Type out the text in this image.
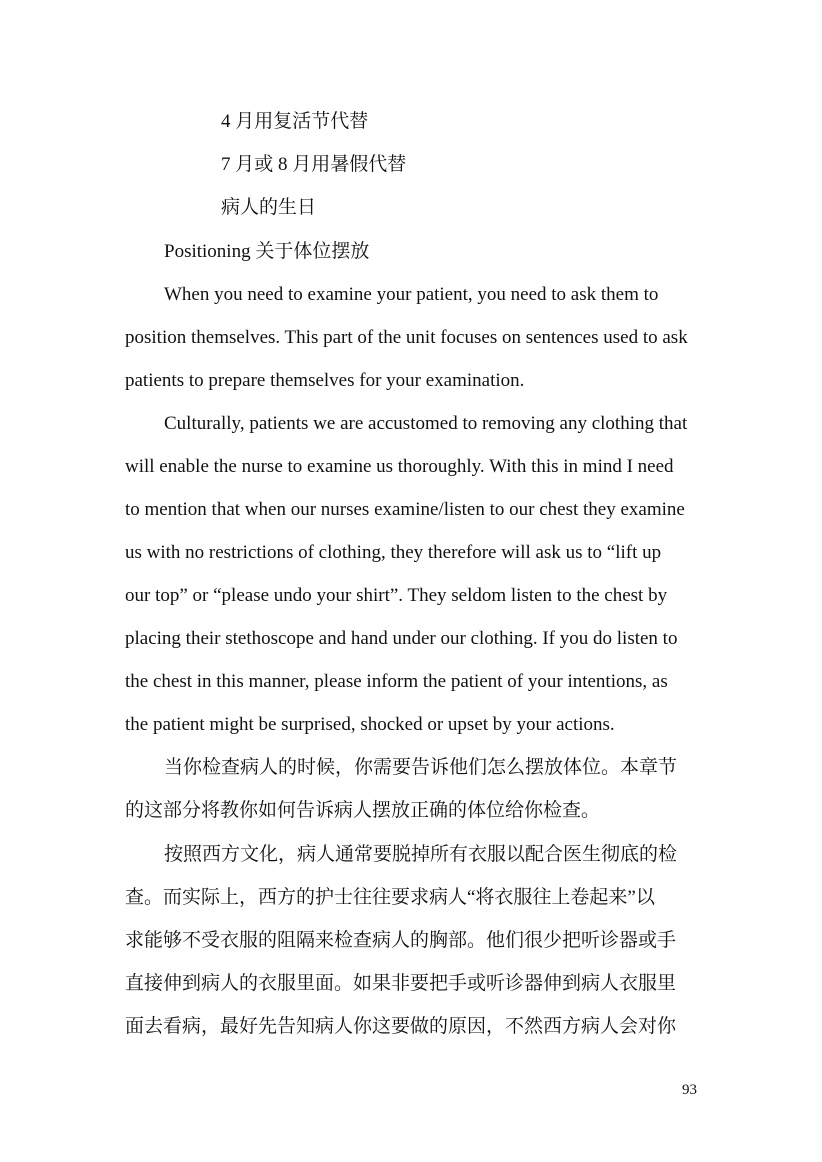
4 月用复活节代替
7 月或 8 月用暑假代替
病人的生日
Positioning 关于体位摆放
When you need to examine your patient, you need to ask them to
position themselves. This part of the unit focuses on sentences used to ask
patients to prepare themselves for your examination.
Culturally, patients we are accustomed to removing any clothing that
will enable the nurse to examine us thoroughly. With this in mind I need
to mention that when our nurses examine/listen to our chest they examine
us with no restrictions of clothing, they therefore will ask us to “lift up
our top” or “please undo your shirt”. They seldom listen to the chest by
placing their stethoscope and hand under our clothing. If you do listen to
the chest in this manner, please inform the patient of your intentions, as
the patient might be surprised, shocked or upset by your actions.
当你检查病人的时候，你需要告诉他们怎么摆放体位。本章节
的这部分将教你如何告诉病人摆放正确的体位给你检查。
按照西方文化，病人通常要脱掉所有衣服以配合医生彻底的检
查。而实际上，西方的护士往往要求病人“将衣服往上卷起来”以
求能够不受衣服的阻隔来检查病人的胸部。他们很少把听诊器或手
直接伸到病人的衣服里面。如果非要把手或听诊器伸到病人衣服里
面去看病，最好先告知病人你这要做的原因，不然西方病人会对你
93
